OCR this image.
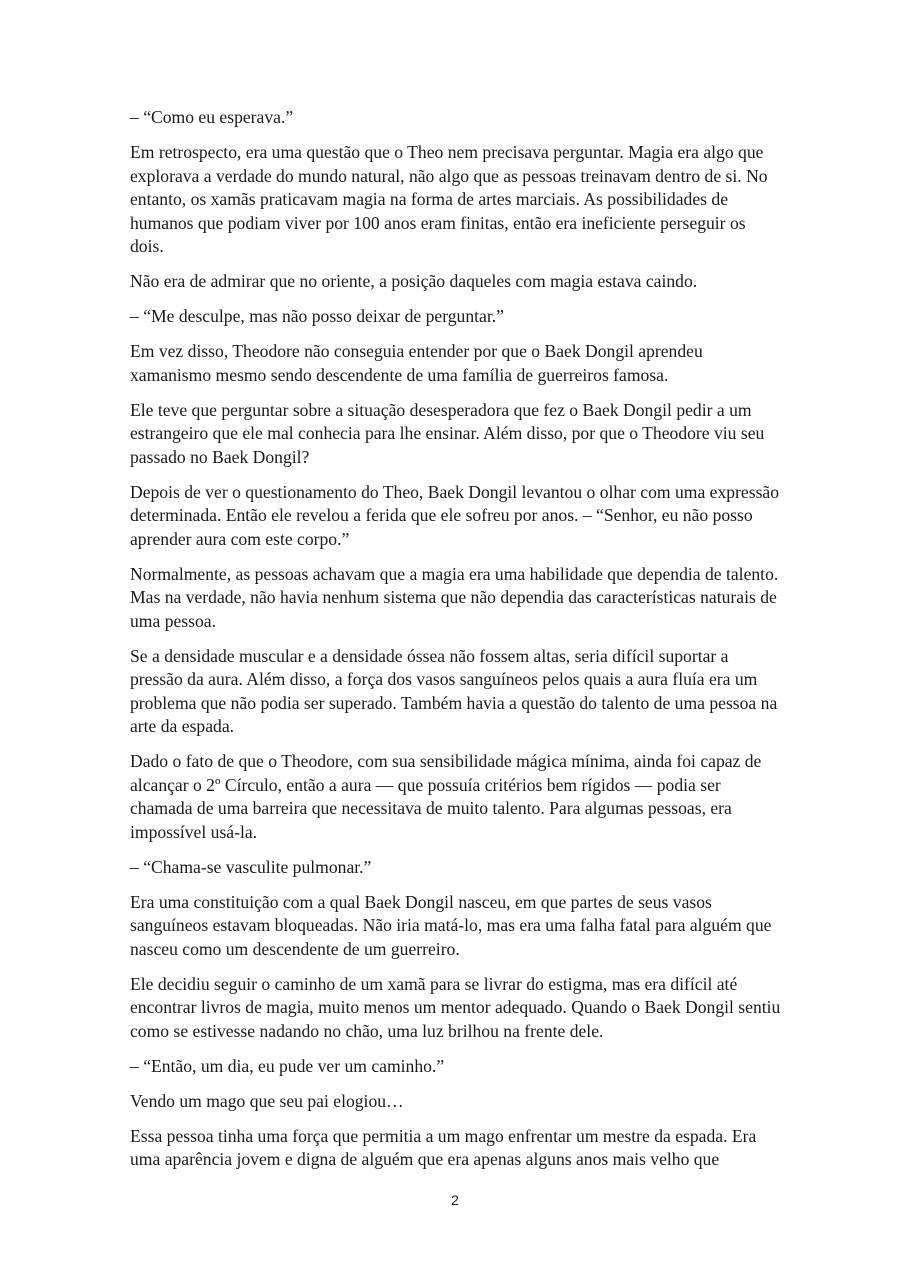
– “Como eu esperava.”

Em retrospecto, era uma questão que o Theo nem precisava perguntar. Magia era algo que explorava a verdade do mundo natural, não algo que as pessoas treinavam dentro de si. No entanto, os xamãs praticavam magia na forma de artes marciais. As possibilidades de humanos que podiam viver por 100 anos eram finitas, então era ineficiente perseguir os dois.

Não era de admirar que no oriente, a posição daqueles com magia estava caindo.

– “Me desculpe, mas não posso deixar de perguntar.”

Em vez disso, Theodore não conseguia entender por que o Baek Dongil aprendeu xamanismo mesmo sendo descendente de uma família de guerreiros famosa.

Ele teve que perguntar sobre a situação desesperadora que fez o Baek Dongil pedir a um estrangeiro que ele mal conhecia para lhe ensinar. Além disso, por que o Theodore viu seu passado no Baek Dongil?

Depois de ver o questionamento do Theo, Baek Dongil levantou o olhar com uma expressão determinada. Então ele revelou a ferida que ele sofreu por anos. – “Senhor, eu não posso aprender aura com este corpo.”

Normalmente, as pessoas achavam que a magia era uma habilidade que dependia de talento. Mas na verdade, não havia nenhum sistema que não dependia das características naturais de uma pessoa.

Se a densidade muscular e a densidade óssea não fossem altas, seria difícil suportar a pressão da aura. Além disso, a força dos vasos sanguíneos pelos quais a aura fluía era um problema que não podia ser superado. Também havia a questão do talento de uma pessoa na arte da espada.

Dado o fato de que o Theodore, com sua sensibilidade mágica mínima, ainda foi capaz de alcançar o 2º Círculo, então a aura — que possuía critérios bem rígidos — podia ser chamada de uma barreira que necessitava de muito talento. Para algumas pessoas, era impossível usá-la.

– “Chama-se vasculite pulmonar.”

Era uma constituição com a qual Baek Dongil nasceu, em que partes de seus vasos sanguíneos estavam bloqueadas. Não iria matá-lo, mas era uma falha fatal para alguém que nasceu como um descendente de um guerreiro.

Ele decidiu seguir o caminho de um xamã para se livrar do estigma, mas era difícil até encontrar livros de magia, muito menos um mentor adequado. Quando o Baek Dongil sentiu como se estivesse nadando no chão, uma luz brilhou na frente dele.

– “Então, um dia, eu pude ver um caminho.”

Vendo um mago que seu pai elogiou…

Essa pessoa tinha uma força que permitia a um mago enfrentar um mestre da espada. Era uma aparência jovem e digna de alguém que era apenas alguns anos mais velho que

2
